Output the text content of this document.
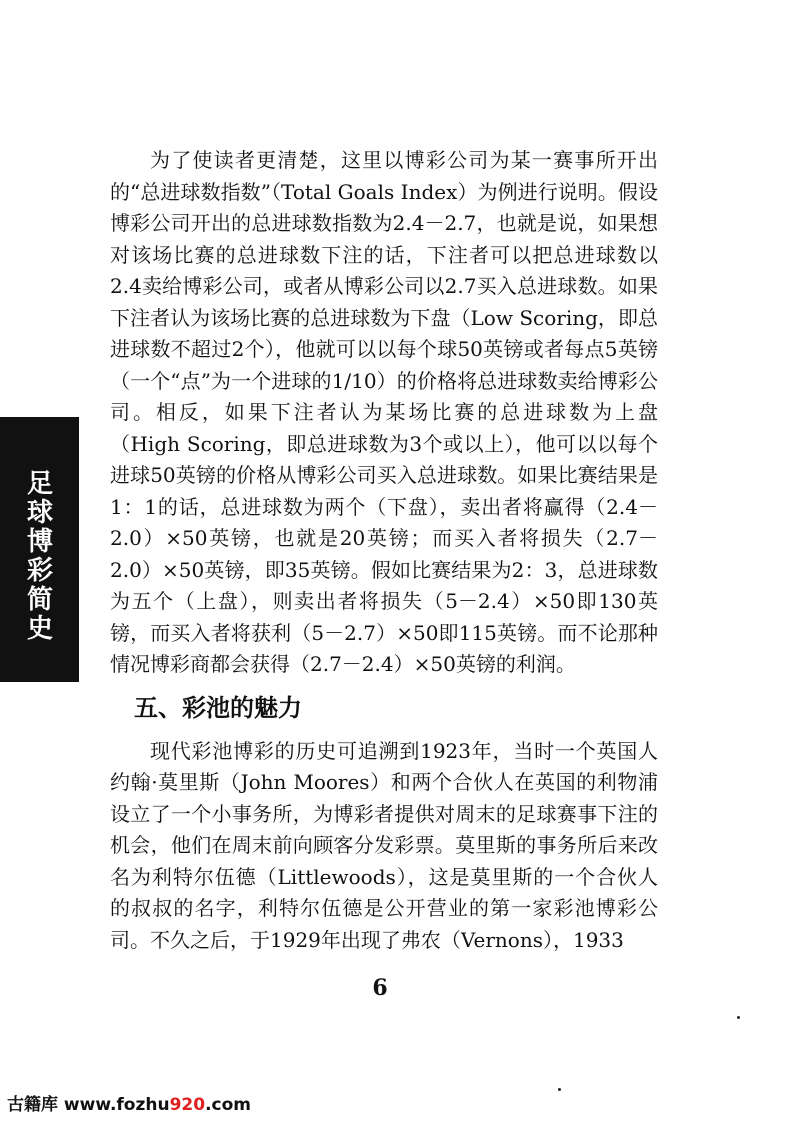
足球博彩简史

为了使读者更清楚，这里以博彩公司为某一赛事所开出的“总进球数指数”（Total Goals Index）为例进行说明。假设博彩公司开出的总进球数指数为2.4－2.7，也就是说，如果想对该场比赛的总进球数下注的话，下注者可以把总进球数以2.4卖给博彩公司，或者从博彩公司以2.7买入总进球数。如果下注者认为该场比赛的总进球数为下盘（Low Scoring，即总进球数不超过2个），他就可以以每个球50英镑或者每点5英镑（一个“点”为一个进球的1/10）的价格将总进球数卖给博彩公司。相反，如果下注者认为某场比赛的总进球数为上盘（High Scoring，即总进球数为3个或以上），他可以以每个进球50英镑的价格从博彩公司买入总进球数。如果比赛结果是1：1的话，总进球数为两个（下盘），卖出者将赢得（2.4－2.0）×50英镑，也就是20英镑；而买入者将损失（2.7－2.0）×50英镑，即35英镑。假如比赛结果为2：3，总进球数为五个（上盘），则卖出者将损失（5－2.4）×50即130英镑，而买入者将获利（5－2.7）×50即115英镑。而不论那种情况博彩商都会获得（2.7－2.4）×50英镑的利润。

五、彩池的魅力

现代彩池博彩的历史可追溯到1923年，当时一个英国人约翰·莫里斯（John Moores）和两个合伙人在英国的利物浦设立了一个小事务所，为博彩者提供对周末的足球赛事下注的机会，他们在周末前向顾客分发彩票。莫里斯的事务所后来改名为利特尔伍德（Littlewoods），这是莫里斯的一个合伙人的叔叔的名字，利特尔伍德是公开营业的第一家彩池博彩公司。不久之后，于1929年出现了弗农（Vernons），1933

6
古籍库 www.fozhu920.com
